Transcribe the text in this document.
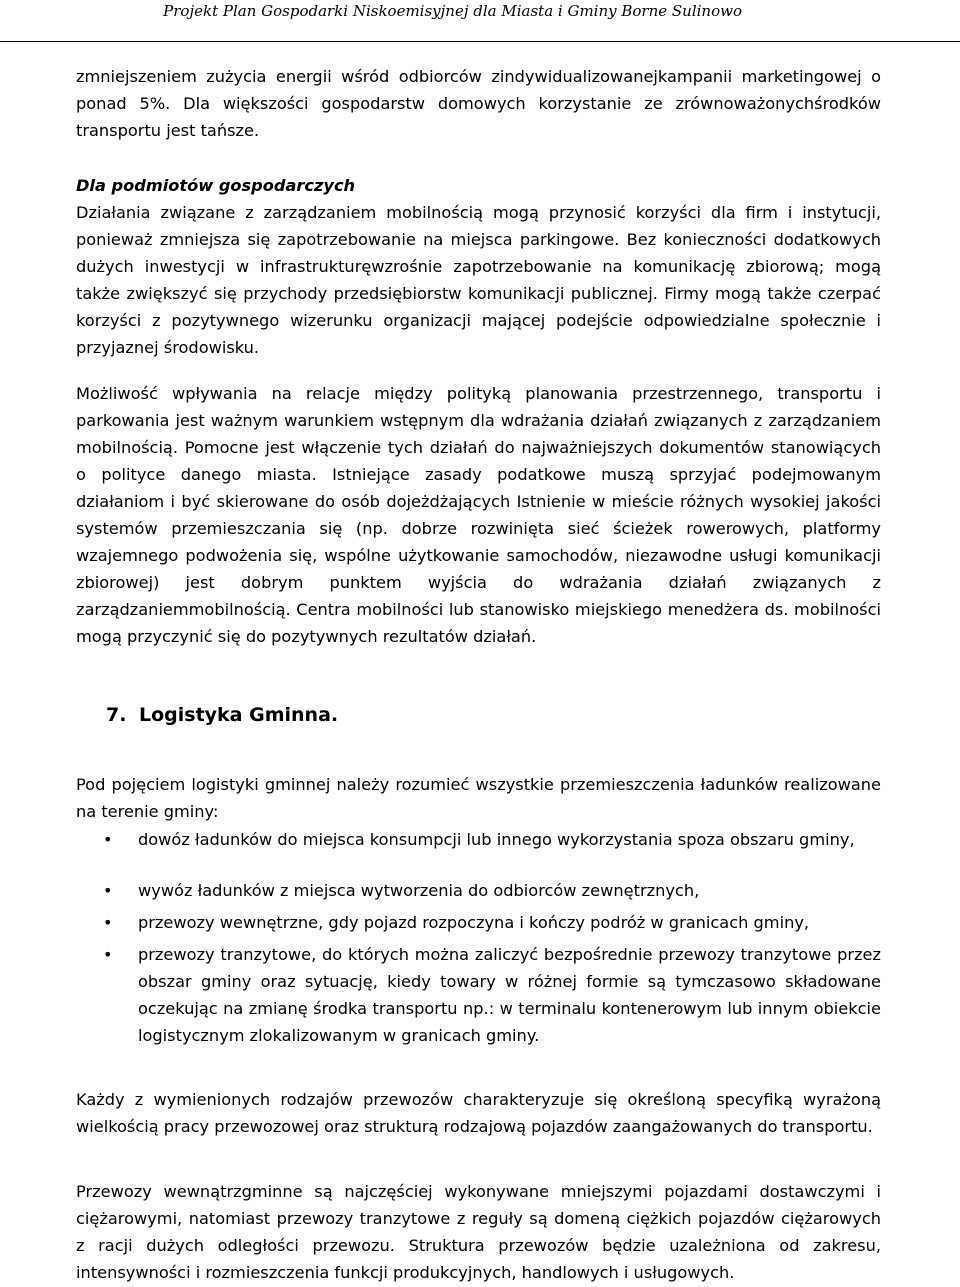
Projekt Plan Gospodarki Niskoemisyjnej dla Miasta i Gminy Borne Sulinowo

zmniejszeniem zużycia energii wśród odbiorców zindywidualizowanejkampanii marketingowej o ponad 5%. Dla większości gospodarstw domowych korzystanie ze zrównoważonychśrodków transportu jest tańsze.

Dla podmiotów gospodarczych

Działania związane z zarządzaniem mobilnością mogą przynosić korzyści dla firm i instytucji, ponieważ zmniejsza się zapotrzebowanie na miejsca parkingowe. Bez konieczności dodatkowych dużych inwestycji w infrastrukturęwzrośnie zapotrzebowanie na komunikację zbiorową; mogą także zwiększyć się przychody przedsiębiorstw komunikacji publicznej. Firmy mogą także czerpać korzyści z pozytywnego wizerunku organizacji mającej podejście odpowiedzialne społecznie i przyjaznej środowisku.

Możliwość wpływania na relacje między polityką planowania przestrzennego, transportu i parkowania jest ważnym warunkiem wstępnym dla wdrażania działań związanych z zarządzaniem mobilnością. Pomocne jest włączenie tych działań do najważniejszych dokumentów stanowiących o polityce danego miasta. Istniejące zasady podatkowe muszą sprzyjać podejmowanym działaniom i być skierowane do osób dojeżdżających Istnienie w mieście różnych wysokiej jakości systemów przemieszczania się (np. dobrze rozwinięta sieć ścieżek rowerowych, platformy wzajemnego podwożenia się, wspólne użytkowanie samochodów, niezawodne usługi komunikacji zbiorowej) jest dobrym punktem wyjścia do wdrażania działań związanych z zarządzaniemmobilnością. Centra mobilności lub stanowisko miejskiego menedżera ds. mobilności mogą przyczynić się do pozytywnych rezultatów działań.

7. Logistyka Gminna.

Pod pojęciem logistyki gminnej należy rozumieć wszystkie przemieszczenia ładunków realizowane na terenie gminy:

• dowóz ładunków do miejsca konsumpcji lub innego wykorzystania spoza obszaru gminy,
• wywóz ładunków z miejsca wytworzenia do odbiorców zewnętrznych,
• przewozy wewnętrzne, gdy pojazd rozpoczyna i kończy podróż w granicach gminy,
• przewozy tranzytowe, do których można zaliczyć bezpośrednie przewozy tranzytowe przez obszar gminy oraz sytuację, kiedy towary w różnej formie są tymczasowo składowane oczekując na zmianę środka transportu np.: w terminalu kontenerowym lub innym obiekcie logistycznym zlokalizowanym w granicach gminy.

Każdy z wymienionych rodzajów przewozów charakteryzuje się określoną specyfiką wyrażoną wielkością pracy przewozowej oraz strukturą rodzajową pojazdów zaangażowanych do transportu.

Przewozy wewnątrzgminne są najczęściej wykonywane mniejszymi pojazdami dostawczymi i ciężarowymi, natomiast przewozy tranzytowe z reguły są domeną ciężkich pojazdów ciężarowych z racji dużych odległości przewozu. Struktura przewozów będzie uzależniona od zakresu, intensywności i rozmieszczenia funkcji produkcyjnych, handlowych i usługowych.
